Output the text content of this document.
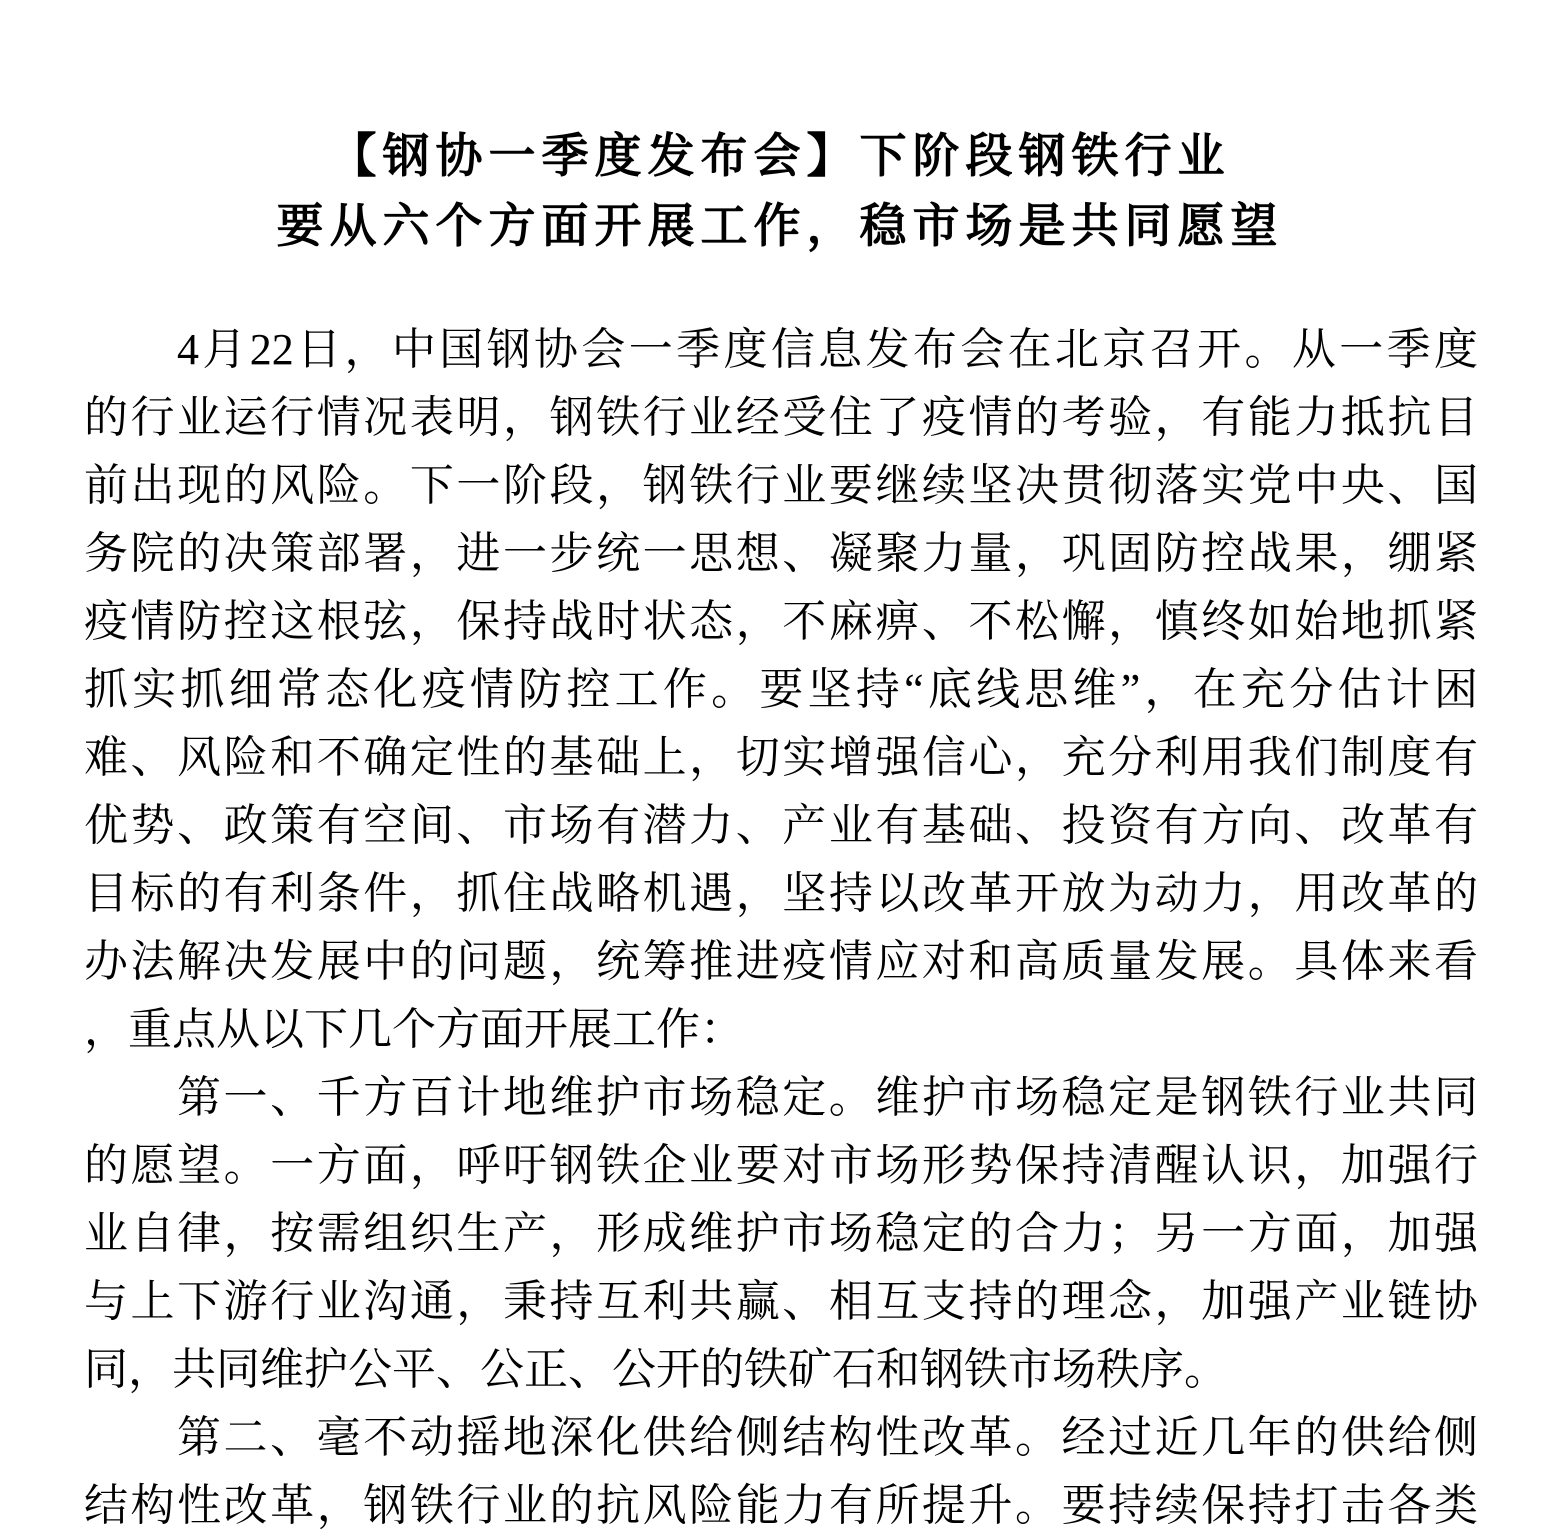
【钢协一季度发布会】下阶段钢铁行业
要从六个方面开展工作，稳市场是共同愿望
4月22日，中国钢协会一季度信息发布会在北京召开。从一季度
的行业运行情况表明，钢铁行业经受住了疫情的考验，有能力抵抗目
前出现的风险。下一阶段，钢铁行业要继续坚决贯彻落实党中央、国
务院的决策部署，进一步统一思想、凝聚力量，巩固防控战果，绷紧
疫情防控这根弦，保持战时状态，不麻痹、不松懈，慎终如始地抓紧
抓实抓细常态化疫情防控工作。要坚持“底线思维”，在充分估计困
难、风险和不确定性的基础上，切实增强信心，充分利用我们制度有
优势、政策有空间、市场有潜力、产业有基础、投资有方向、改革有
目标的有利条件，抓住战略机遇，坚持以改革开放为动力，用改革的
办法解决发展中的问题，统筹推进疫情应对和高质量发展。具体来看
，重点从以下几个方面开展工作：
第一、千方百计地维护市场稳定。维护市场稳定是钢铁行业共同
的愿望。一方面，呼吁钢铁企业要对市场形势保持清醒认识，加强行
业自律，按需组织生产，形成维护市场稳定的合力；另一方面，加强
与上下游行业沟通，秉持互利共赢、相互支持的理念，加强产业链协
同，共同维护公平、公正、公开的铁矿石和钢铁市场秩序。
第二、毫不动摇地深化供给侧结构性改革。经过近几年的供给侧
结构性改革，钢铁行业的抗风险能力有所提升。要持续保持打击各类
